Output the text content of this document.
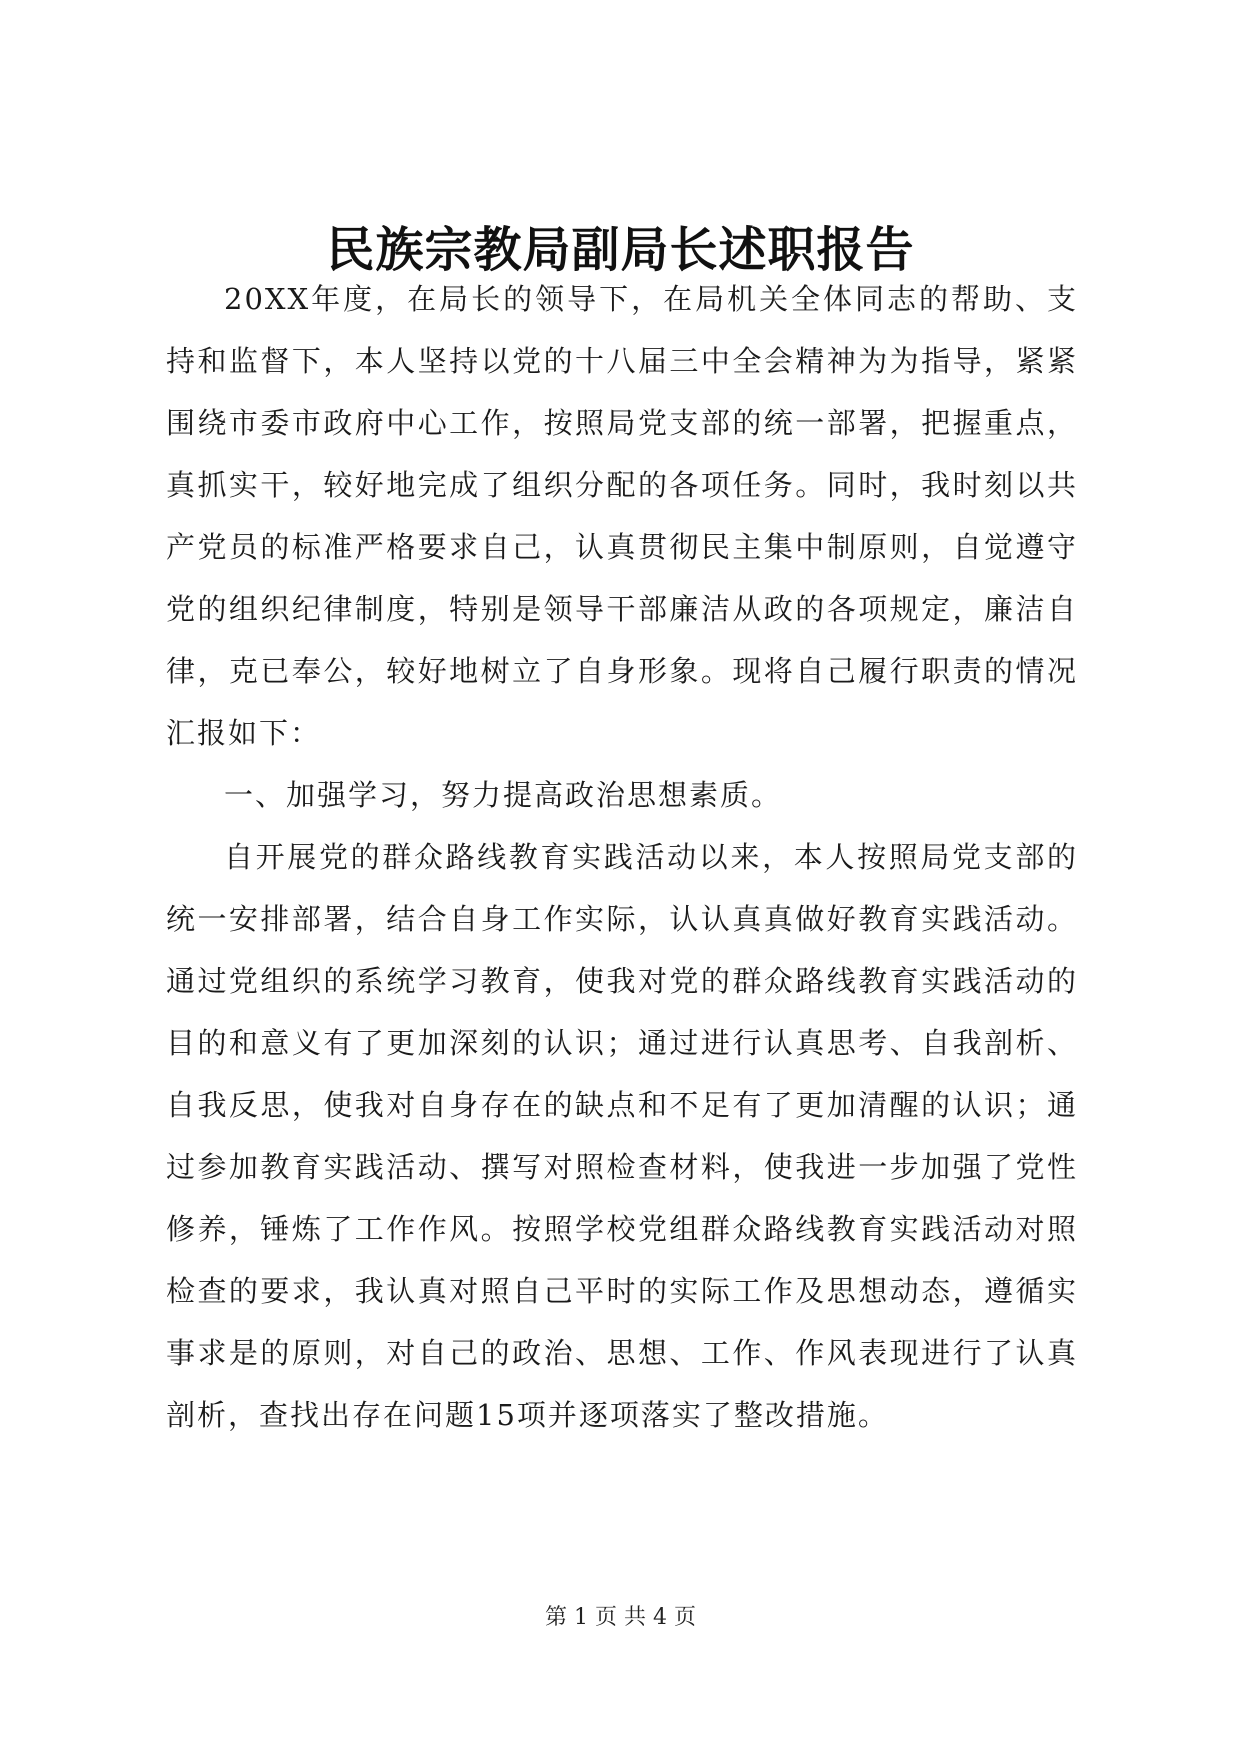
民族宗教局副局长述职报告

20XX年度，在局长的领导下，在局机关全体同志的帮助、支持和监督下，本人坚持以党的十八届三中全会精神为为指导，紧紧围绕市委市政府中心工作，按照局党支部的统一部署，把握重点，真抓实干，较好地完成了组织分配的各项任务。同时，我时刻以共产党员的标准严格要求自己，认真贯彻民主集中制原则，自觉遵守党的组织纪律制度，特别是领导干部廉洁从政的各项规定，廉洁自律，克已奉公，较好地树立了自身形象。现将自己履行职责的情况汇报如下：

一、加强学习，努力提高政治思想素质。

自开展党的群众路线教育实践活动以来，本人按照局党支部的统一安排部署，结合自身工作实际，认认真真做好教育实践活动。通过党组织的系统学习教育，使我对党的群众路线教育实践活动的目的和意义有了更加深刻的认识；通过进行认真思考、自我剖析、自我反思，使我对自身存在的缺点和不足有了更加清醒的认识；通过参加教育实践活动、撰写对照检查材料，使我进一步加强了党性修养，锤炼了工作作风。按照学校党组群众路线教育实践活动对照检查的要求，我认真对照自己平时的实际工作及思想动态，遵循实事求是的原则，对自己的政治、思想、工作、作风表现进行了认真剖析，查找出存在问题15项并逐项落实了整改措施。

第 1 页 共 4 页
